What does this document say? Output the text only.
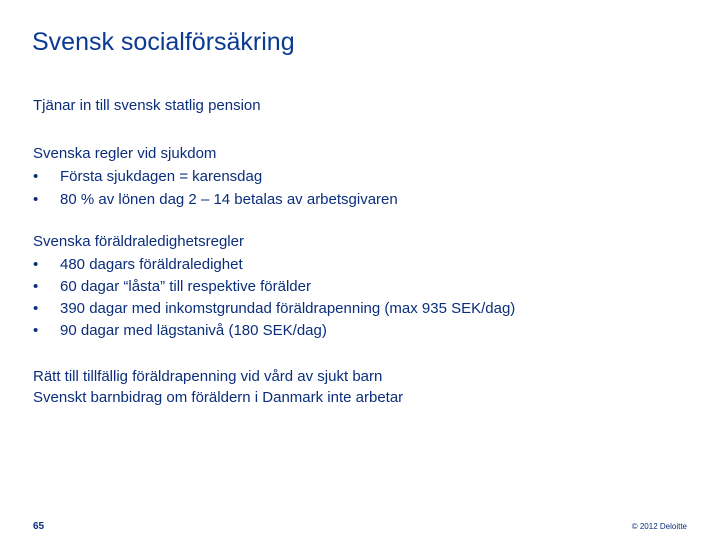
Svensk socialförsäkring
Tjänar in till svensk statlig pension
Svenska regler vid sjukdom
• Första sjukdagen = karensdag
• 80 % av lönen dag 2 – 14 betalas av arbetsgivaren
Svenska föräldraledighetsregler
• 480 dagars föräldraledighet
• 60 dagar “låsta” till respektive förälder
• 390 dagar med inkomstgrundad föräldrapenning (max 935 SEK/dag)
• 90 dagar med lägstanivå (180 SEK/dag)
Rätt till tillfällig föräldrapenning vid vård av sjukt barn
Svenskt barnbidrag om föräldern i Danmark inte arbetar
65	© 2012 Deloitte
